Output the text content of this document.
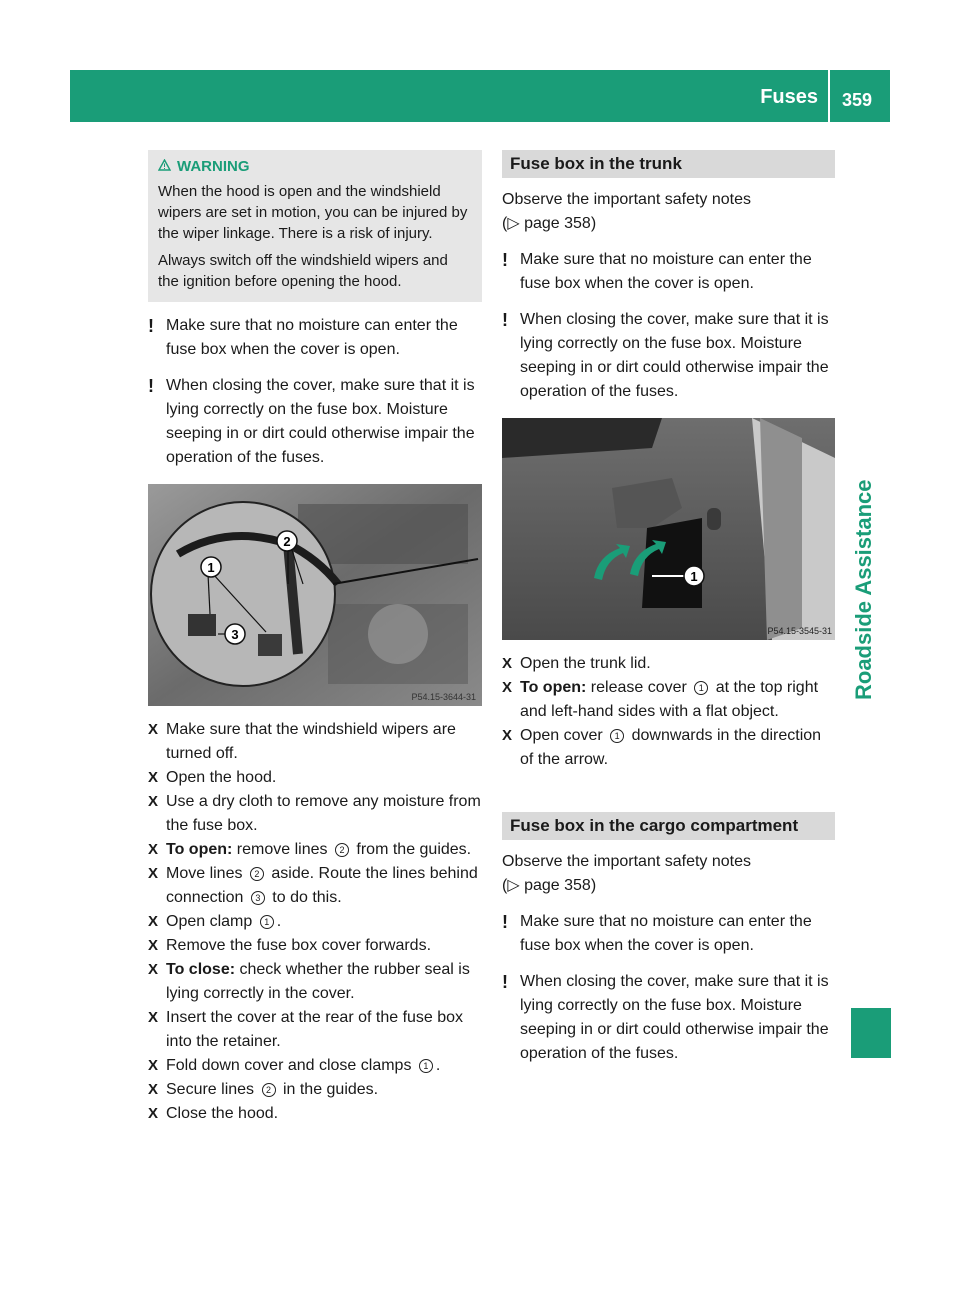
Fuses 359
Roadside Assistance
WARNING

When the hood is open and the windshield wipers are set in motion, you can be injured by the wiper linkage. There is a risk of injury.

Always switch off the windshield wipers and the ignition before opening the hood.

! Make sure that no moisture can enter the fuse box when the cover is open.

! When closing the cover, make sure that it is lying correctly on the fuse box. Moisture seeping in or dirt could otherwise impair the operation of the fuses.

1
2
3
P54.15-3644-31
X Make sure that the windshield wipers are turned off.
X Open the hood.
X Use a dry cloth to remove any moisture from the fuse box.
X To open: remove lines 2 from the guides.
X Move lines 2 aside. Route the lines behind connection 3 to do this.
X Open clamp 1 .
X Remove the fuse box cover forwards.
X To close: check whether the rubber seal is lying correctly in the cover.
X Insert the cover at the rear of the fuse box into the retainer.
X Fold down cover and close clamps 1 .
X Secure lines 2 in the guides.
X Close the hood.
Fuse box in the trunk

Observe the important safety notes
(▷ page 358)

! Make sure that no moisture can enter the fuse box when the cover is open.

! When closing the cover, make sure that it is lying correctly on the fuse box. Moisture seeping in or dirt could otherwise impair the operation of the fuses.

1
P54.15-3545-31
X Open the trunk lid.
X To open: release cover 1 at the top right and left-hand sides with a flat object.
X Open cover 1 downwards in the direction of the arrow.
Fuse box in the cargo compartment

Observe the important safety notes
(▷ page 358)

! Make sure that no moisture can enter the fuse box when the cover is open.

! When closing the cover, make sure that it is lying correctly on the fuse box. Moisture seeping in or dirt could otherwise impair the operation of the fuses.
